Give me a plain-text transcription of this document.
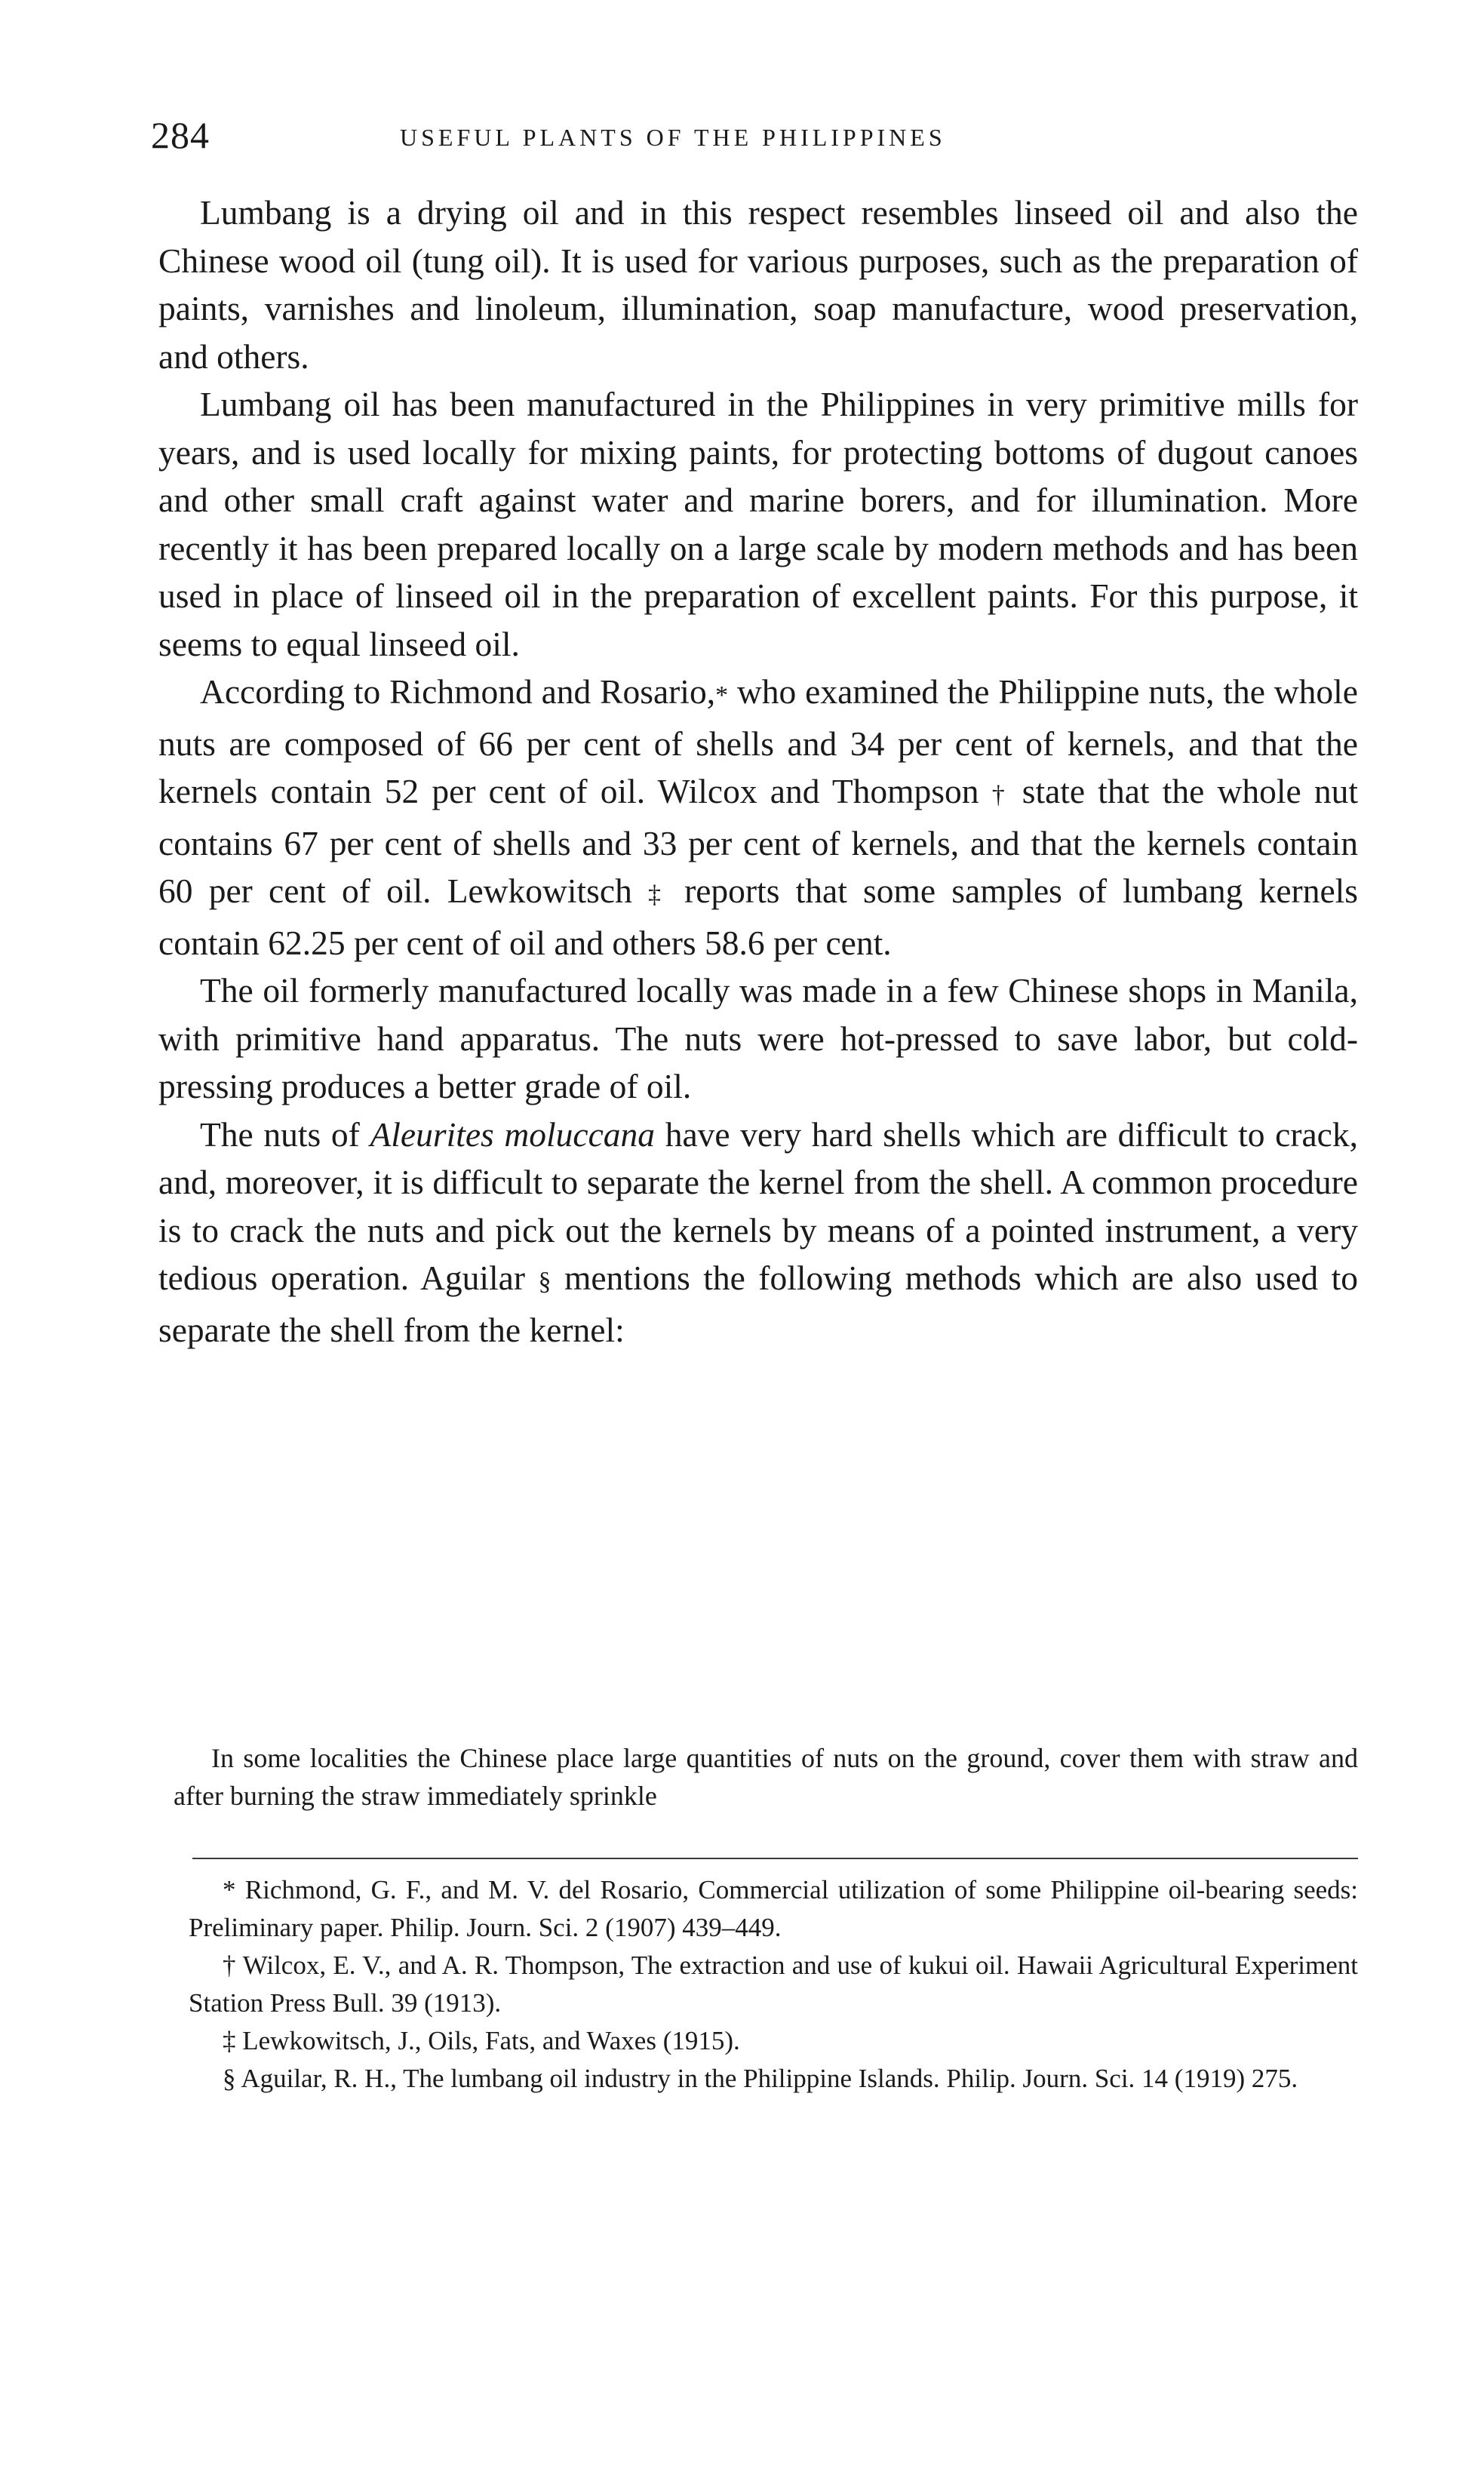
284	USEFUL PLANTS OF THE PHILIPPINES

Lumbang is a drying oil and in this respect resembles linseed oil and also the Chinese wood oil (tung oil). It is used for various purposes, such as the preparation of paints, varnishes and linoleum, illumination, soap manufacture, wood preservation, and others.

Lumbang oil has been manufactured in the Philippines in very primitive mills for years, and is used locally for mixing paints, for protecting bottoms of dugout canoes and other small craft against water and marine borers, and for illumination. More recently it has been prepared locally on a large scale by modern methods and has been used in place of linseed oil in the preparation of excellent paints. For this purpose, it seems to equal linseed oil.

According to Richmond and Rosario,* who examined the Philippine nuts, the whole nuts are composed of 66 per cent of shells and 34 per cent of kernels, and that the kernels contain 52 per cent of oil. Wilcox and Thompson † state that the whole nut contains 67 per cent of shells and 33 per cent of kernels, and that the kernels contain 60 per cent of oil. Lewkowitsch ‡ reports that some samples of lumbang kernels contain 62.25 per cent of oil and others 58.6 per cent.

The oil formerly manufactured locally was made in a few Chinese shops in Manila, with primitive hand apparatus. The nuts were hot-pressed to save labor, but cold-pressing produces a better grade of oil.

The nuts of Aleurites moluccana have very hard shells which are difficult to crack, and, moreover, it is difficult to separate the kernel from the shell. A common procedure is to crack the nuts and pick out the kernels by means of a pointed instrument, a very tedious operation. Aguilar § mentions the following methods which are also used to separate the shell from the kernel:

In some localities the Chinese place large quantities of nuts on the ground, cover them with straw and after burning the straw immediately sprinkle

* Richmond, G. F., and M. V. del Rosario, Commercial utilization of some Philippine oil-bearing seeds: Preliminary paper. Philip. Journ. Sci. 2 (1907) 439–449.

† Wilcox, E. V., and A. R. Thompson, The extraction and use of kukui oil. Hawaii Agricultural Experiment Station Press Bull. 39 (1913).

‡ Lewkowitsch, J., Oils, Fats, and Waxes (1915).

§ Aguilar, R. H., The lumbang oil industry in the Philippine Islands. Philip. Journ. Sci. 14 (1919) 275.
